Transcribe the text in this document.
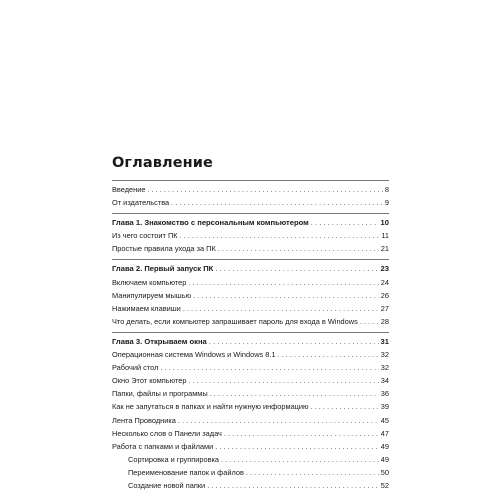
Оглавление
Введение . . .	8
От издательства . . .	9
Глава 1. Знакомство с персональным компьютером . . .	10
Из чего состоит ПК . . .	11
Простые правила ухода за ПК . . .	21
Глава 2. Первый запуск ПК . . .	23
Включаем компьютер . . .	24
Манипулируем мышью . . .	26
Нажимаем клавиши . . .	27
Что делать, если компьютер запрашивает пароль для входа в Windows . . .	28
Глава 3. Открываем окна . . .	31
Операционная система Windows и Windows 8.1 . . .	32
Рабочий стол . . .	32
Окно Этот компьютер . . .	34
Папки, файлы и программы . . .	36
Как не запутаться в папках и найти нужную информацию . . .	39
Лента Проводника . . .	45
Несколько слов о Панели задач . . .	47
Работа с папками и файлами . . .	49
Сортировка и группировка . . .	49
Переименование папок и файлов . . .	50
Создание новой папки . . .	52
